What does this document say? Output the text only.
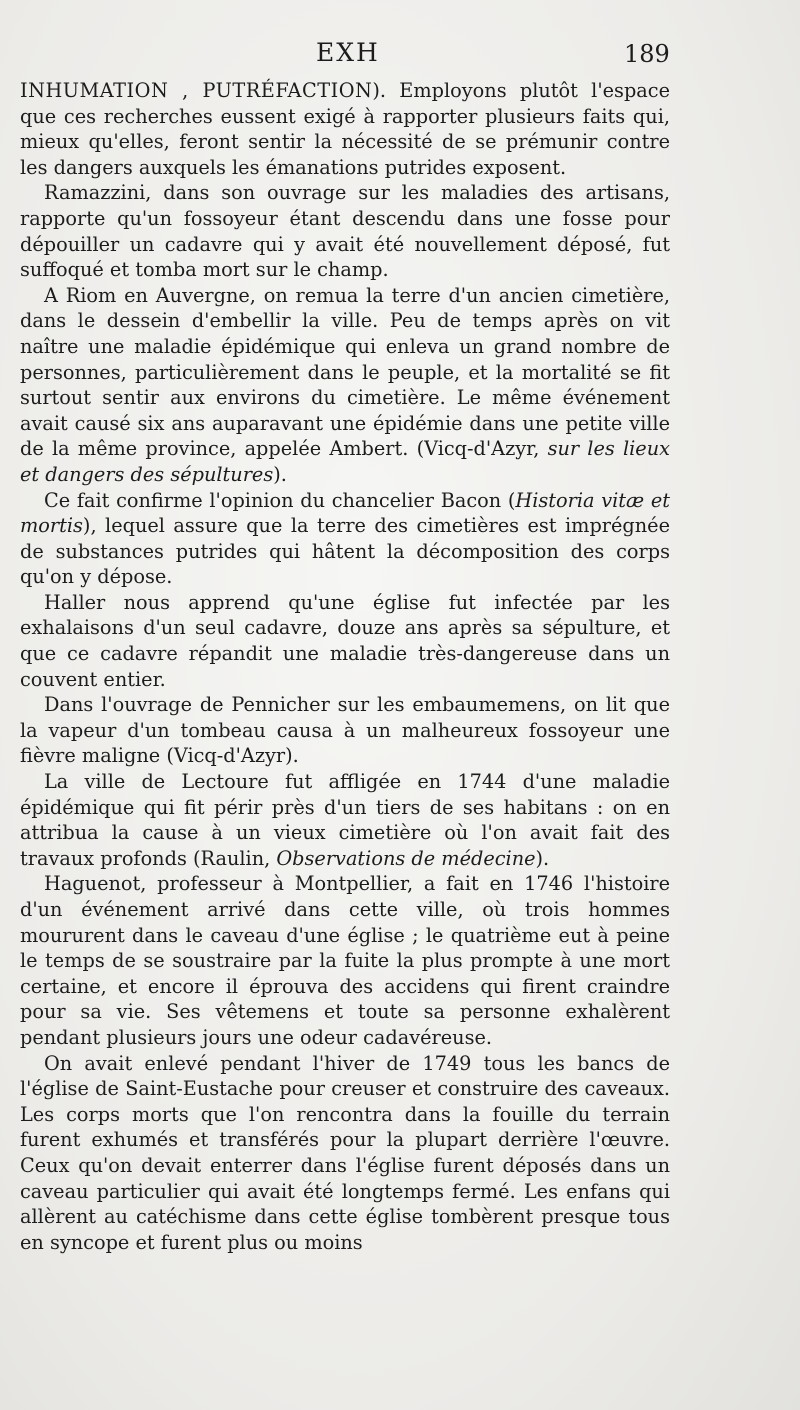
EXH	189

INHUMATION , PUTRÉFACTION). Employons plutôt l'espace que ces recherches eussent exigé à rapporter plusieurs faits qui, mieux qu'elles, feront sentir la nécessité de se prémunir contre les dangers auxquels les émanations putrides exposent.

Ramazzini, dans son ouvrage sur les maladies des artisans, rapporte qu'un fossoyeur étant descendu dans une fosse pour dépouiller un cadavre qui y avait été nouvellement déposé, fut suffoqué et tomba mort sur le champ.

A Riom en Auvergne, on remua la terre d'un ancien cimetière, dans le dessein d'embellir la ville. Peu de temps après on vit naître une maladie épidémique qui enleva un grand nombre de personnes, particulièrement dans le peuple, et la mortalité se fit surtout sentir aux environs du cimetière. Le même événement avait causé six ans auparavant une épidémie dans une petite ville de la même province, appelée Ambert. (Vicq-d'Azyr, sur les lieux et dangers des sépultures).

Ce fait confirme l'opinion du chancelier Bacon (Historia vitæ et mortis), lequel assure que la terre des cimetières est imprégnée de substances putrides qui hâtent la décomposition des corps qu'on y dépose.

Haller nous apprend qu'une église fut infectée par les exhalaisons d'un seul cadavre, douze ans après sa sépulture, et que ce cadavre répandit une maladie très-dangereuse dans un couvent entier.

Dans l'ouvrage de Pennicher sur les embaumemens, on lit que la vapeur d'un tombeau causa à un malheureux fossoyeur une fièvre maligne (Vicq-d'Azyr).

La ville de Lectoure fut affligée en 1744 d'une maladie épidémique qui fit périr près d'un tiers de ses habitans : on en attribua la cause à un vieux cimetière où l'on avait fait des travaux profonds (Raulin, Observations de médecine).

Haguenot, professeur à Montpellier, a fait en 1746 l'histoire d'un événement arrivé dans cette ville, où trois hommes moururent dans le caveau d'une église ; le quatrième eut à peine le temps de se soustraire par la fuite la plus prompte à une mort certaine, et encore il éprouva des accidens qui firent craindre pour sa vie. Ses vêtemens et toute sa personne exhalèrent pendant plusieurs jours une odeur cadavéreuse.

On avait enlevé pendant l'hiver de 1749 tous les bancs de l'église de Saint-Eustache pour creuser et construire des caveaux. Les corps morts que l'on rencontra dans la fouille du terrain furent exhumés et transférés pour la plupart derrière l'œuvre. Ceux qu'on devait enterrer dans l'église furent déposés dans un caveau particulier qui avait été longtemps fermé. Les enfans qui allèrent au catéchisme dans cette église tombèrent presque tous en syncope et furent plus ou moins
